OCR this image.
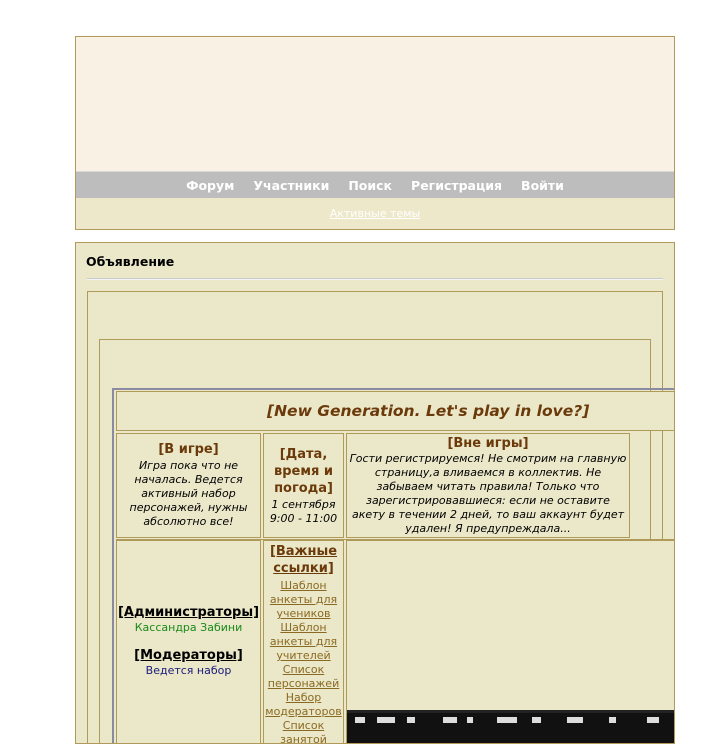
Форум Участники Поиск Регистрация Войти
Активные темы
Объявление
[New Generation. Let's play in love?]
[В игре]
Игра пока что не началась. Ведется активный набор персонажей, нужны абсолютно все!
[Дата, время и погода]
1 сентября 9:00 - 11:00
[Вне игры]
Гости регистрируемся! Не смотрим на главную страницу,а вливаемся в коллектив. Не забываем читать правила! Только что зарегистрировавшиеся: если не оставите акету в течении 2 дней, то ваш аккаунт будет удален! Я предупреждала...
[Администраторы]
Кассандра Забини
[Модераторы]
Ведется набор
[Важные ссылки]
Шаблон анкеты для учеников
Шаблон анкеты для учителей
Список персонажей
Набор модераторов
Список занятой
